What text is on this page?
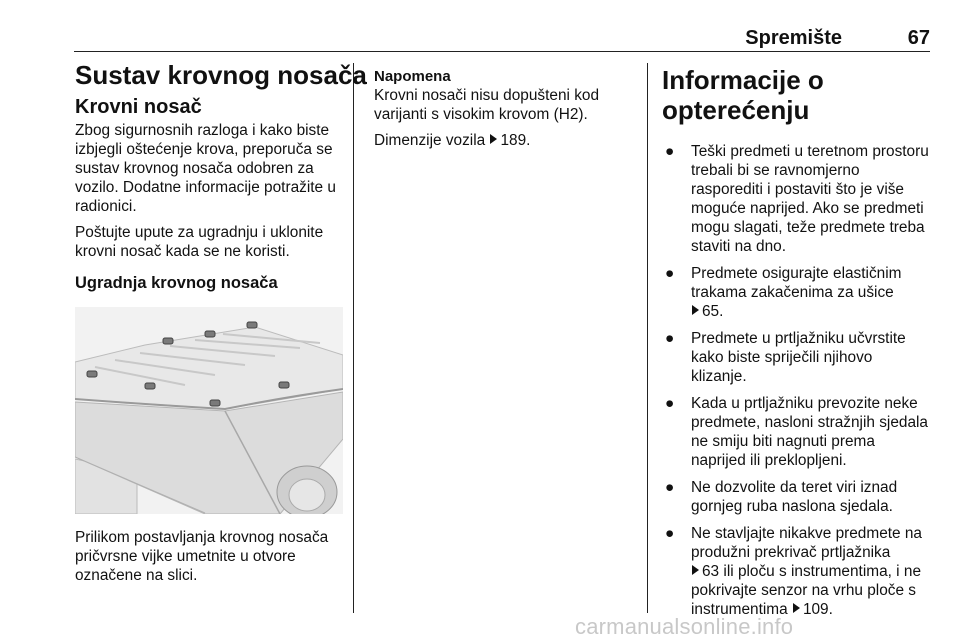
Spremište	67
Sustav krovnog nosača
Krovni nosač

Zbog sigurnosnih razloga i kako biste izbjegli oštećenje krova, preporuča se sustav krovnog nosača odobren za vozilo. Dodatne informacije potražite u radionici.

Poštujte upute za ugradnju i uklonite krovni nosač kada se ne koristi.

Ugradnja krovnog nosača

Prilikom postavljanja krovnog nosača pričvrsne vijke umetnite u otvore označene na slici.

Napomena

Krovni nosači nisu dopušteni kod varijanti s visokim krovom (H2).

Dimenzije vozila 189.

Informacije o opterećenju
● Teški predmeti u teretnom prostoru trebali bi se ravnomjerno rasporediti i postaviti što je više moguće naprijed. Ako se predmeti mogu slagati, teže predmete treba staviti na dno.
● Predmete osigurajte elastičnim trakama zakačenima za ušice
65.
● Predmete u prtljažniku učvrstite kako biste spriječili njihovo klizanje.
● Kada u prtljažniku prevozite neke predmete, nasloni stražnjih sjedala ne smiju biti nagnuti prema naprijed ili preklopljeni.
● Ne dozvolite da teret viri iznad gornjeg ruba naslona sjedala.
● Ne stavljajte nikakve predmete na produžni prekrivač prtljažnika
63 ili ploču s instrumentima, i ne pokrivajte senzor na vrhu ploče s instrumentima 109.
carmanualsonline.info
